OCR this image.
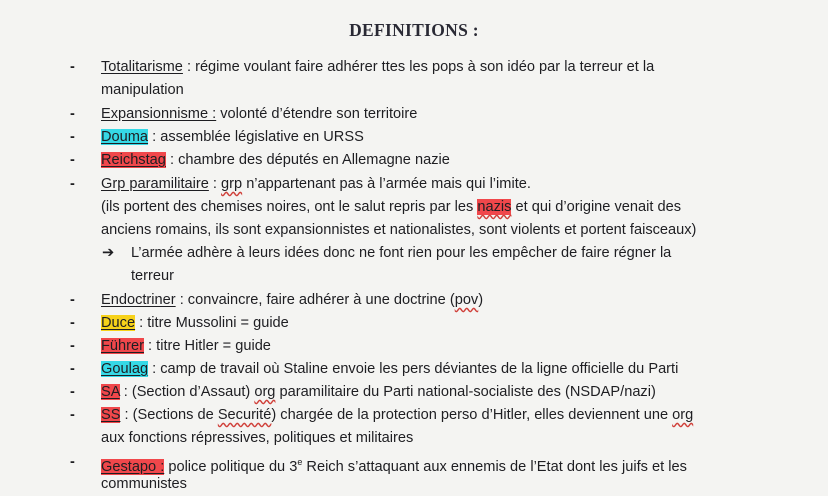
DEFINITIONS :
- Totalitarisme : régime voulant faire adhérer ttes les pops à son idéo par la terreur et la
manipulation
- Expansionnisme : volonté d’étendre son territoire
- Douma : assemblée législative en URSS
- Reichstag : chambre des députés en Allemagne nazie
- Grp paramilitaire : grp n’appartenant pas à l’armée mais qui l’imite.
(ils portent des chemises noires, ont le salut repris par les nazis et qui d’origine venait des
anciens romains, ils sont expansionnistes et nationalistes, sont violents et portent faisceaux)
➔ L’armée adhère à leurs idées donc ne font rien pour les empêcher de faire régner la
terreur
- Endoctriner : convaincre, faire adhérer à une doctrine (pov)
- Duce : titre Mussolini = guide
- Führer : titre Hitler = guide
- Goulag : camp de travail où Staline envoie les pers déviantes de la ligne officielle du Parti
- SA : (Section d’Assaut) org paramilitaire du Parti national-socialiste des (NSDAP/nazi)
- SS : (Sections de Securité) chargée de la protection perso d’Hitler, elles deviennent une org
aux fonctions répressives, politiques et militaires
- Gestapo : police politique du 3e Reich s’attaquant aux ennemis de l’Etat dont les juifs et les
communistes
